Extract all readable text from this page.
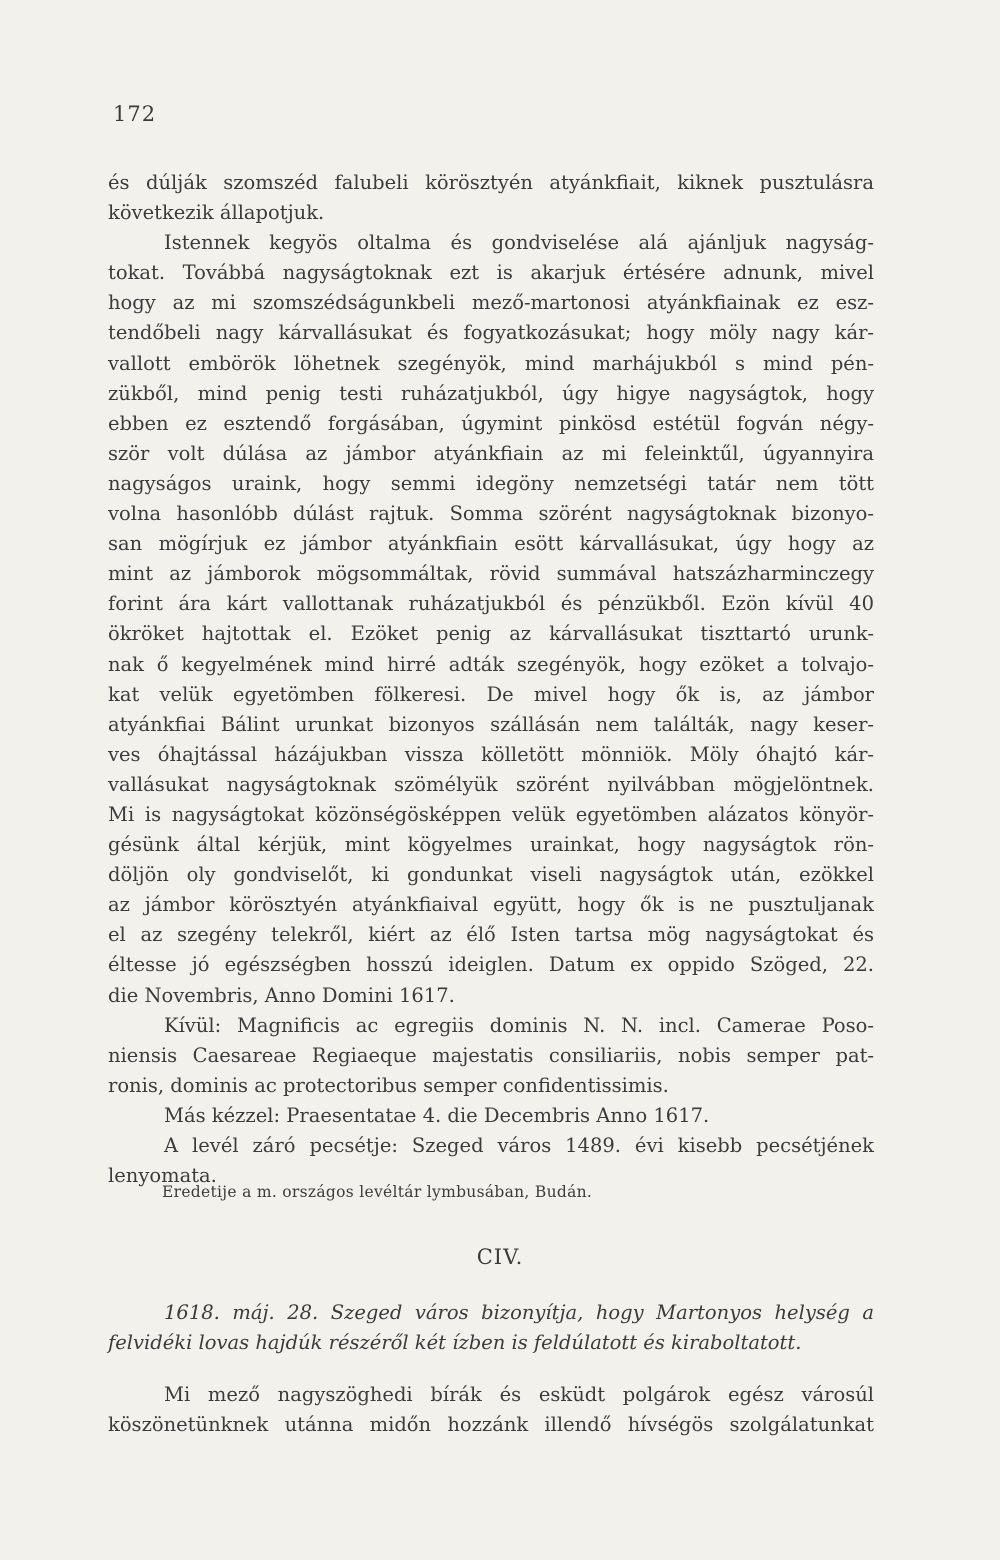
172
és dúlják szomszéd falubeli körösztyén atyánkfiait, kiknek pusztulásra
következik állapotjuk.
Istennek kegyös oltalma és gondviselése alá ajánljuk nagyság-
tokat. Továbbá nagyságtoknak ezt is akarjuk értésére adnunk, mivel
hogy az mi szomszédságunkbeli mező-martonosi atyánkfiainak ez esz-
tendőbeli nagy kárvallásukat és fogyatkozásukat; hogy möly nagy kár-
vallott embörök löhetnek szegényök, mind marhájukból s mind pén-
zükből, mind penig testi ruházatjukból, úgy higye nagyságtok, hogy
ebben ez esztendő forgásában, úgymint pinkösd estétül fogván négy-
ször volt dúlása az jámbor atyánkfiain az mi feleinktűl, úgyannyira
nagyságos uraink, hogy semmi idegöny nemzetségi tatár nem tött
volna hasonlóbb dúlást rajtuk. Somma szörént nagyságtoknak bizonyo-
san mögírjuk ez jámbor atyánkfiain esött kárvallásukat, úgy hogy az
mint az jámborok mögsommáltak, rövid summával hatszázharminczegy
forint ára kárt vallottanak ruházatjukból és pénzükből. Ezön kívül 40
ökröket hajtottak el. Ezöket penig az kárvallásukat tiszttartó urunk-
nak ő kegyelmének mind hirré adták szegényök, hogy ezöket a tolvajo-
kat velük egyetömben fölkeresi. De mivel hogy ők is, az jámbor
atyánkfiai Bálint urunkat bizonyos szállásán nem találták, nagy keser-
ves óhajtással házájukban vissza kölletött mönniök. Möly óhajtó kár-
vallásukat nagyságtoknak szömélyük szörént nyilvábban mögjelöntnek.
Mi is nagyságtokat közönségösképpen velük egyetömben alázatos könyör-
gésünk által kérjük, mint kögyelmes urainkat, hogy nagyságtok rön-
döljön oly gondviselőt, ki gondunkat viseli nagyságtok után, ezökkel
az jámbor körösztyén atyánkfiaival együtt, hogy ők is ne pusztuljanak
el az szegény telekről, kiért az élő Isten tartsa mög nagyságtokat és
éltesse jó egészségben hosszú ideiglen. Datum ex oppido Szöged, 22.
die Novembris, Anno Domini 1617.
Kívül: Magnificis ac egregiis dominis N. N. incl. Camerae Poso-
niensis Caesareae Regiaeque majestatis consiliariis, nobis semper pat-
ronis, dominis ac protectoribus semper confidentissimis.
Más kézzel: Praesentatae 4. die Decembris Anno 1617.
A levél záró pecsétje: Szeged város 1489. évi kisebb pecsétjének
lenyomata.
Eredetije a m. országos levéltár lymbusában, Budán.
CIV.
1618. máj. 28. Szeged város bizonyítja, hogy Martonyos helység a
felvidéki lovas hajdúk részéről két ízben is feldúlatott és kiraboltatott.
Mi mező nagyszöghedi bírák és esküdt polgárok egész városúl
köszönetünknek utánna midőn hozzánk illendő hívségös szolgálatunkat
